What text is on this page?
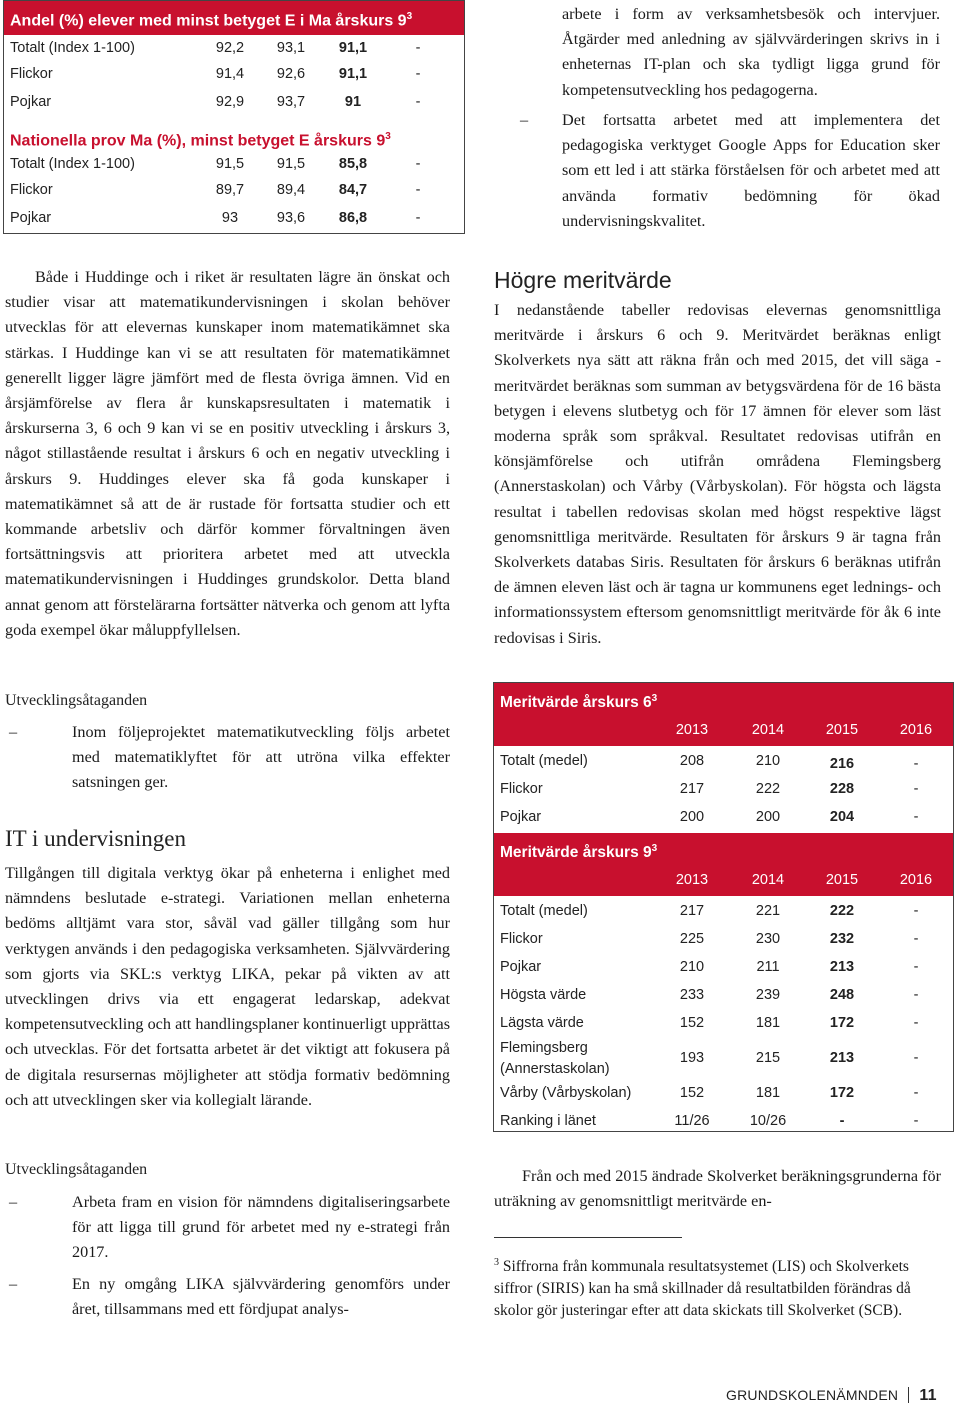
Andel (%) elever med minst betyget E i Ma årskurs $9^3$
Totalt (Index 1-100)	92,2	93,1	91,1	-
Flickor	91,4	92,6	91,1	-
Pojkar	92,9	93,7	91	-
Nationella prov Ma (%), minst betyget E årskurs $9^3$
Totalt (Index 1-100)	91,5	91,5	85,8	-
Flickor	89,7	89,4	84,7	-
Pojkar	93	93,6	86,8	-

arbete i form av verksamhetsbesök och intervjuer. Åtgärder med anledning av självvärderingen skrivs in i enheternas IT-plan och ska tydligt ligga grund för kompetensutveckling hos pedagogerna.

– Det fortsatta arbetet med att implementera det pedagogiska verktyget Google Apps for Education sker som ett led i att stärka förståelsen för och arbetet med att använda formativ bedömning för ökad undervisningskvalitet.

Både i Huddinge och i riket är resultaten lägre än önskat och studier visar att matematikundervisningen i skolan behöver utvecklas för att elevernas kunskaper inom matematikämnet ska stärkas. I Huddinge kan vi se att resultaten för matematikämnet generellt ligger lägre jämfört med de flesta övriga ämnen. Vid en årsjämförelse av flera år kunskapsresultaten i matematik i årskurserna 3, 6 och 9 kan vi se en positiv utveckling i årskurs 3, något stillastående resultat i årskurs 6 och en negativ utveckling i årskurs 9. Huddinges elever ska få goda kunskaper i matematikämnet så att de är rustade för fortsatta studier och ett kommande arbetsliv och därför kommer förvaltningen även fortsättningsvis att prioritera arbetet med att utveckla matematikundervisningen i Huddinges grundskolor. Detta bland annat genom att förstelärarna fortsätter nätverka och genom att lyfta goda exempel ökar måluppfyllelsen.

Utvecklingsåtaganden
–	Inom följeprojektet matematikutveckling följs arbetet med matematiklyftet för att utröna vilka effekter satsningen ger.

IT i undervisningen

Tillgången till digitala verktyg ökar på enheterna i enlighet med nämndens beslutade e-strategi. Variationen mellan enheterna bedöms alltjämt vara stor, såväl vad gäller tillgång som hur verktygen används i den pedagogiska verksamheten. Självvärdering som gjorts via SKL:s verktyg LIKA, pekar på vikten av att utvecklingen drivs via ett engagerat ledarskap, adekvat kompetensutveckling och att handlingsplaner kontinuerligt upprättas och utvecklas. För det fortsatta arbetet är det viktigt att fokusera på de digitala resursernas möjligheter att stödja formativ bedömning och att utvecklingen sker via kollegialt lärande.

Utvecklingsåtaganden
–	Arbeta fram en vision för nämndens digitaliseringsarbete för att ligga till grund för arbetet med ny e-strategi från 2017.

–	En ny omgång LIKA självvärdering genomförs under året, tillsammans med ett fördjupat analys-

Högre meritvärde

I nedanstående tabeller redovisas elevernas genomsnittliga meritvärde i årskurs 6 och 9. Meritvärdet beräknas enligt Skolverkets nya sätt att räkna från och med 2015, det vill säga - meritvärdet beräknas som summan av betygsvärdena för de 16 bästa betygen i elevens slutbetyg och för 17 ämnen för elever som läst moderna språk som språkval. Resultatet redovisas utifrån en könsjämförelse och utifrån områdena Flemingsberg (Annerstaskolan) och Vårby (Vårbyskolan). För högsta och lägsta resultat i tabellen redovisas skolan med högst respektive lägst genomsnittliga meritvärde. Resultaten för årskurs 9 är tagna från Skolverkets databas Siris. Resultaten för årskurs 6 beräknas utifrån de ämnen eleven läst och är tagna ur kommunens eget lednings- och informationssystem eftersom genomsnittligt meritvärde för åk 6 inte redovisas i Siris.

Meritvärde årskurs $6^3$
2013	2014	2015	2016
Totalt (medel)	208	210	216	-
Flickor	217	222	228	-
Pojkar	200	200	204	-
Meritvärde årskurs $9^3$
2013	2014	2015	2016
Totalt (medel)	217	221	222	-
Flickor	225	230	232	-
Pojkar	210	211	213	-
Högsta värde	233	239	248	-
Lägsta värde	152	181	172	-
Flemingsberg (Annerstaskolan)
193	215	213	-
Vårby (Vårbyskolan)	152	181	172	-
Ranking i länet	11/26	10/26	-	-

Från och med 2015 ändrade Skolverket beräkningsgrunderna för uträkning av genomsnittligt meritvärde en-

$^3$ Siffrorna från kommunala resultatsystemet (LIS) och Skolverkets siffror (SIRIS) kan ha små skillnader då resultatbilden förändras då skolor gör justeringar efter att data skickats till Skolverket (SCB).
GRUNDSKOLENÄMNDEN 11
